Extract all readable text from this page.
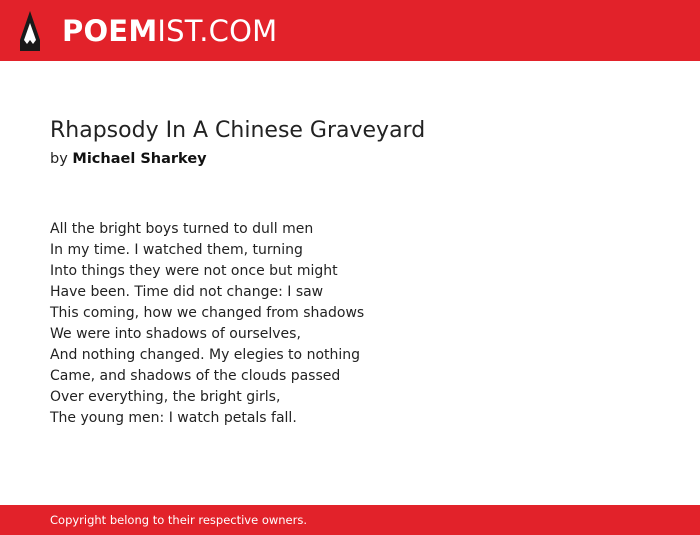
POEMIST.COM
Rhapsody In A Chinese Graveyard
by Michael Sharkey
All the bright boys turned to dull men
In my time. I watched them, turning
Into things they were not once but might
Have been. Time did not change: I saw
This coming, how we changed from shadows
We were into shadows of ourselves,
And nothing changed. My elegies to nothing
Came, and shadows of the clouds passed
Over everything, the bright girls,
The young men: I watch petals fall.
Copyright belong to their respective owners.
